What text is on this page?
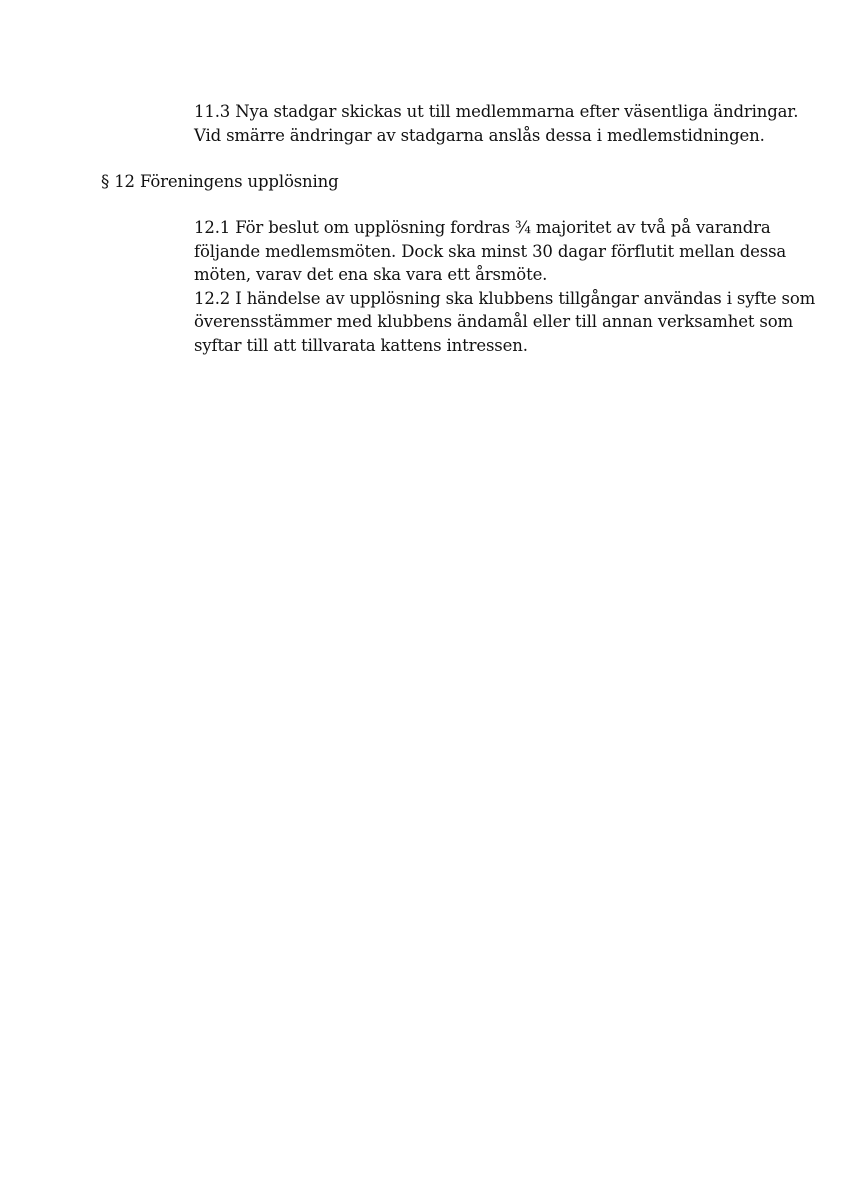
11.3 Nya stadgar skickas ut till medlemmarna efter väsentliga ändringar.
Vid smärre ändringar av stadgarna anslås dessa i medlemstidningen.
§ 12 Föreningens upplösning
12.1 För beslut om upplösning fordras ¾ majoritet av två på varandra
följande medlemsmöten. Dock ska minst 30 dagar förflutit mellan dessa
möten, varav det ena ska vara ett årsmöte.
12.2 I händelse av upplösning ska klubbens tillgångar användas i syfte som
överensstämmer med klubbens ändamål eller till annan verksamhet som
syftar till att tillvarata kattens intressen.
